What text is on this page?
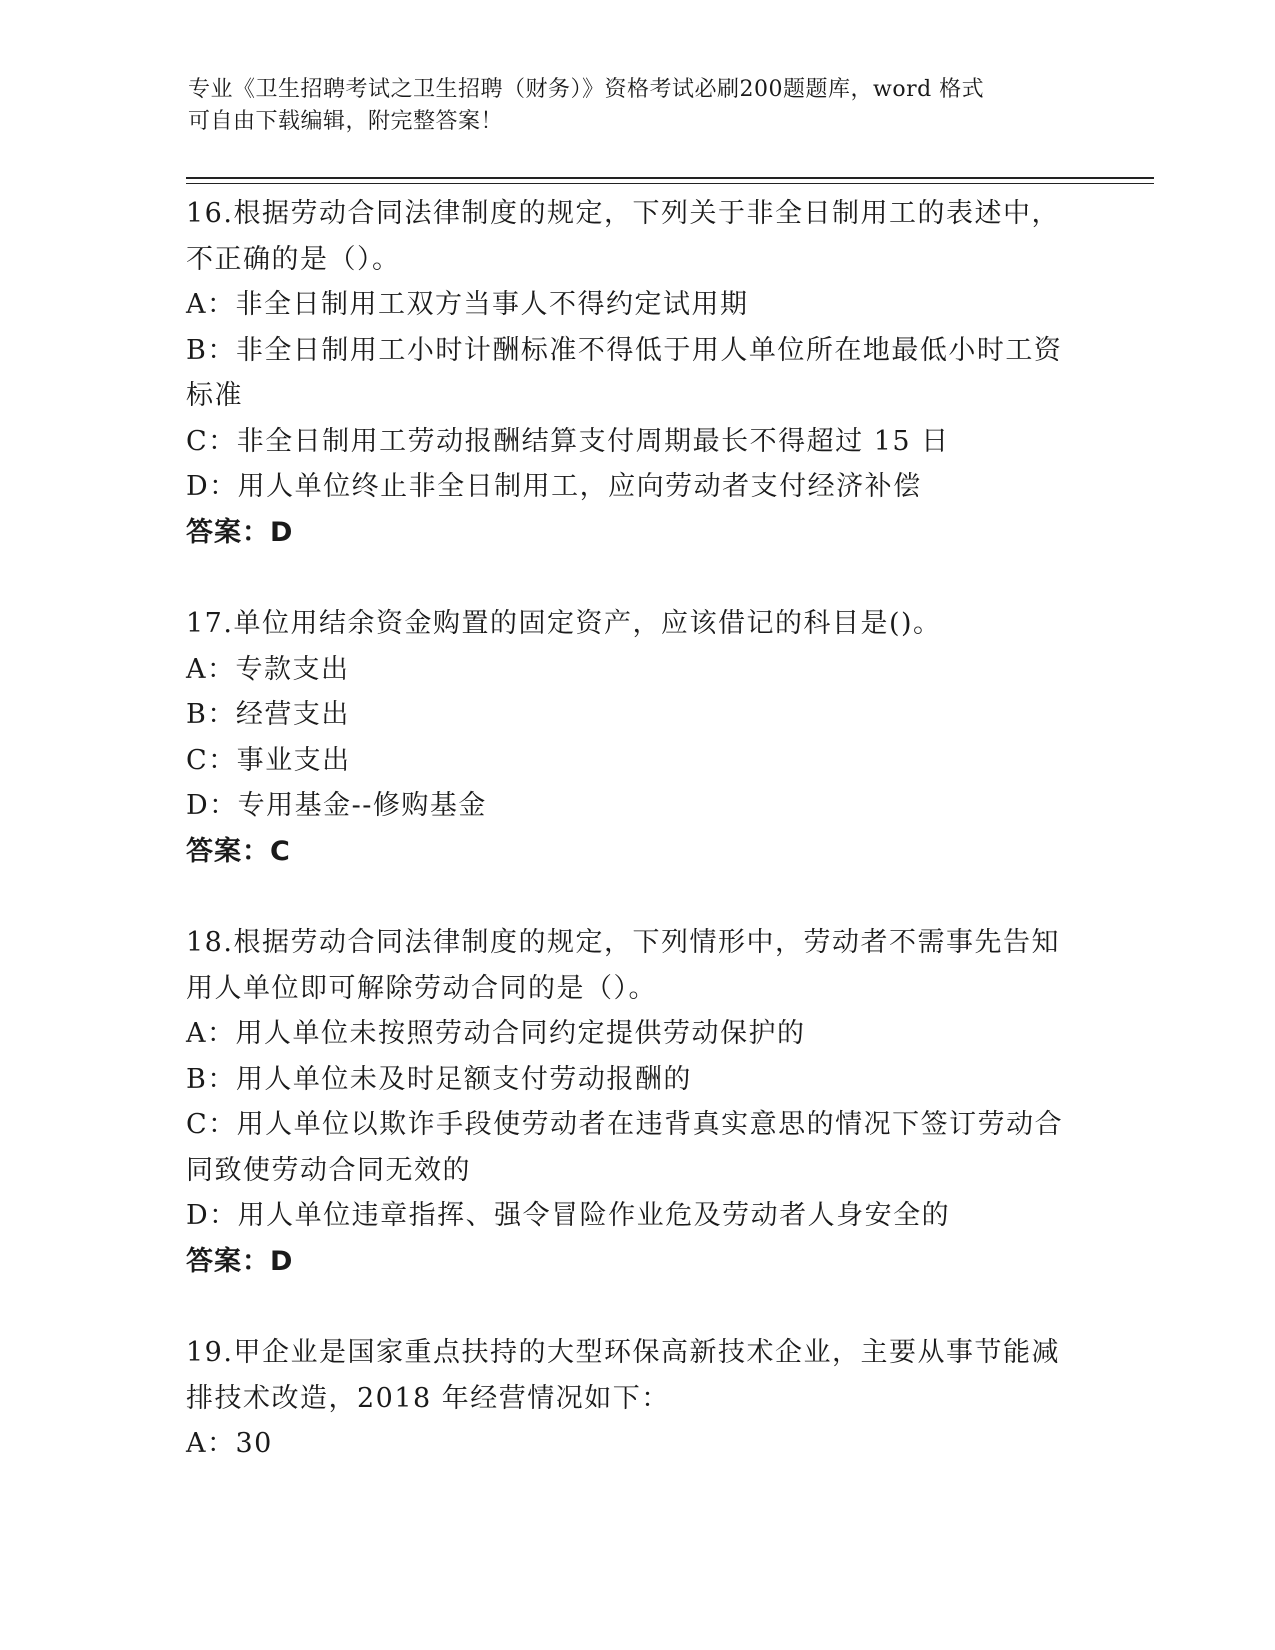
专业《卫生招聘考试之卫生招聘（财务）》资格考试必刷200题题库，word 格式
可自由下载编辑，附完整答案！

16.根据劳动合同法律制度的规定，下列关于非全日制用工的表述中，不正确的是（）。

A：非全日制用工双方当事人不得约定试用期

B：非全日制用工小时计酬标准不得低于用人单位所在地最低小时工资标准

C：非全日制用工劳动报酬结算支付周期最长不得超过 15 日

D：用人单位终止非全日制用工，应向劳动者支付经济补偿

答案：D

17.单位用结余资金购置的固定资产，应该借记的科目是()。

A：专款支出

B：经营支出

C：事业支出

D：专用基金--修购基金

答案：C

18.根据劳动合同法律制度的规定，下列情形中，劳动者不需事先告知用人单位即可解除劳动合同的是（）。

A：用人单位未按照劳动合同约定提供劳动保护的

B：用人单位未及时足额支付劳动报酬的

C：用人单位以欺诈手段使劳动者在违背真实意思的情况下签订劳动合同致使劳动合同无效的

D：用人单位违章指挥、强令冒险作业危及劳动者人身安全的

答案：D

19.甲企业是国家重点扶持的大型环保高新技术企业，主要从事节能减排技术改造，2018 年经营情况如下：

A：30
